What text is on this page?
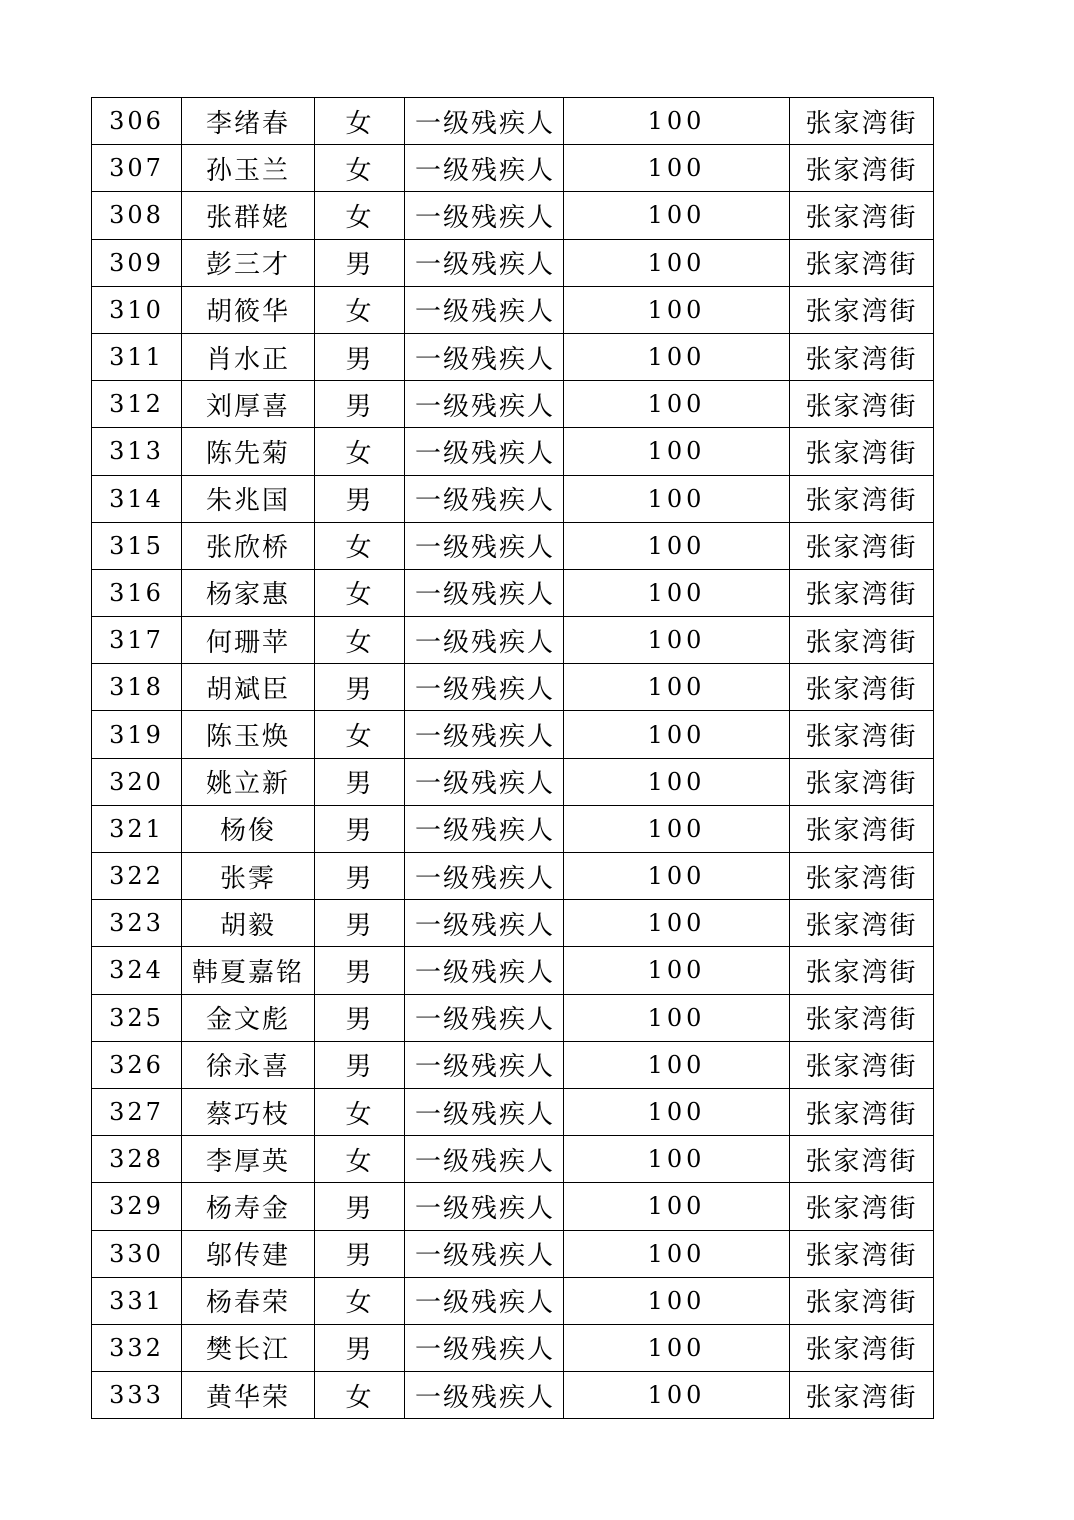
306	李绪春	女	一级残疾人	100	张家湾街
307	孙玉兰	女	一级残疾人	100	张家湾街
308	张群姥	女	一级残疾人	100	张家湾街
309	彭三才	男	一级残疾人	100	张家湾街
310	胡筱华	女	一级残疾人	100	张家湾街
311	肖水正	男	一级残疾人	100	张家湾街
312	刘厚喜	男	一级残疾人	100	张家湾街
313	陈先菊	女	一级残疾人	100	张家湾街
314	朱兆国	男	一级残疾人	100	张家湾街
315	张欣桥	女	一级残疾人	100	张家湾街
316	杨家惠	女	一级残疾人	100	张家湾街
317	何珊苹	女	一级残疾人	100	张家湾街
318	胡斌臣	男	一级残疾人	100	张家湾街
319	陈玉焕	女	一级残疾人	100	张家湾街
320	姚立新	男	一级残疾人	100	张家湾街
321	杨俊	男	一级残疾人	100	张家湾街
322	张霁	男	一级残疾人	100	张家湾街
323	胡毅	男	一级残疾人	100	张家湾街
324	韩夏嘉铭	男	一级残疾人	100	张家湾街
325	金文彪	男	一级残疾人	100	张家湾街
326	徐永喜	男	一级残疾人	100	张家湾街
327	蔡巧枝	女	一级残疾人	100	张家湾街
328	李厚英	女	一级残疾人	100	张家湾街
329	杨寿金	男	一级残疾人	100	张家湾街
330	邬传建	男	一级残疾人	100	张家湾街
331	杨春荣	女	一级残疾人	100	张家湾街
332	樊长江	男	一级残疾人	100	张家湾街
333	黄华荣	女	一级残疾人	100	张家湾街
